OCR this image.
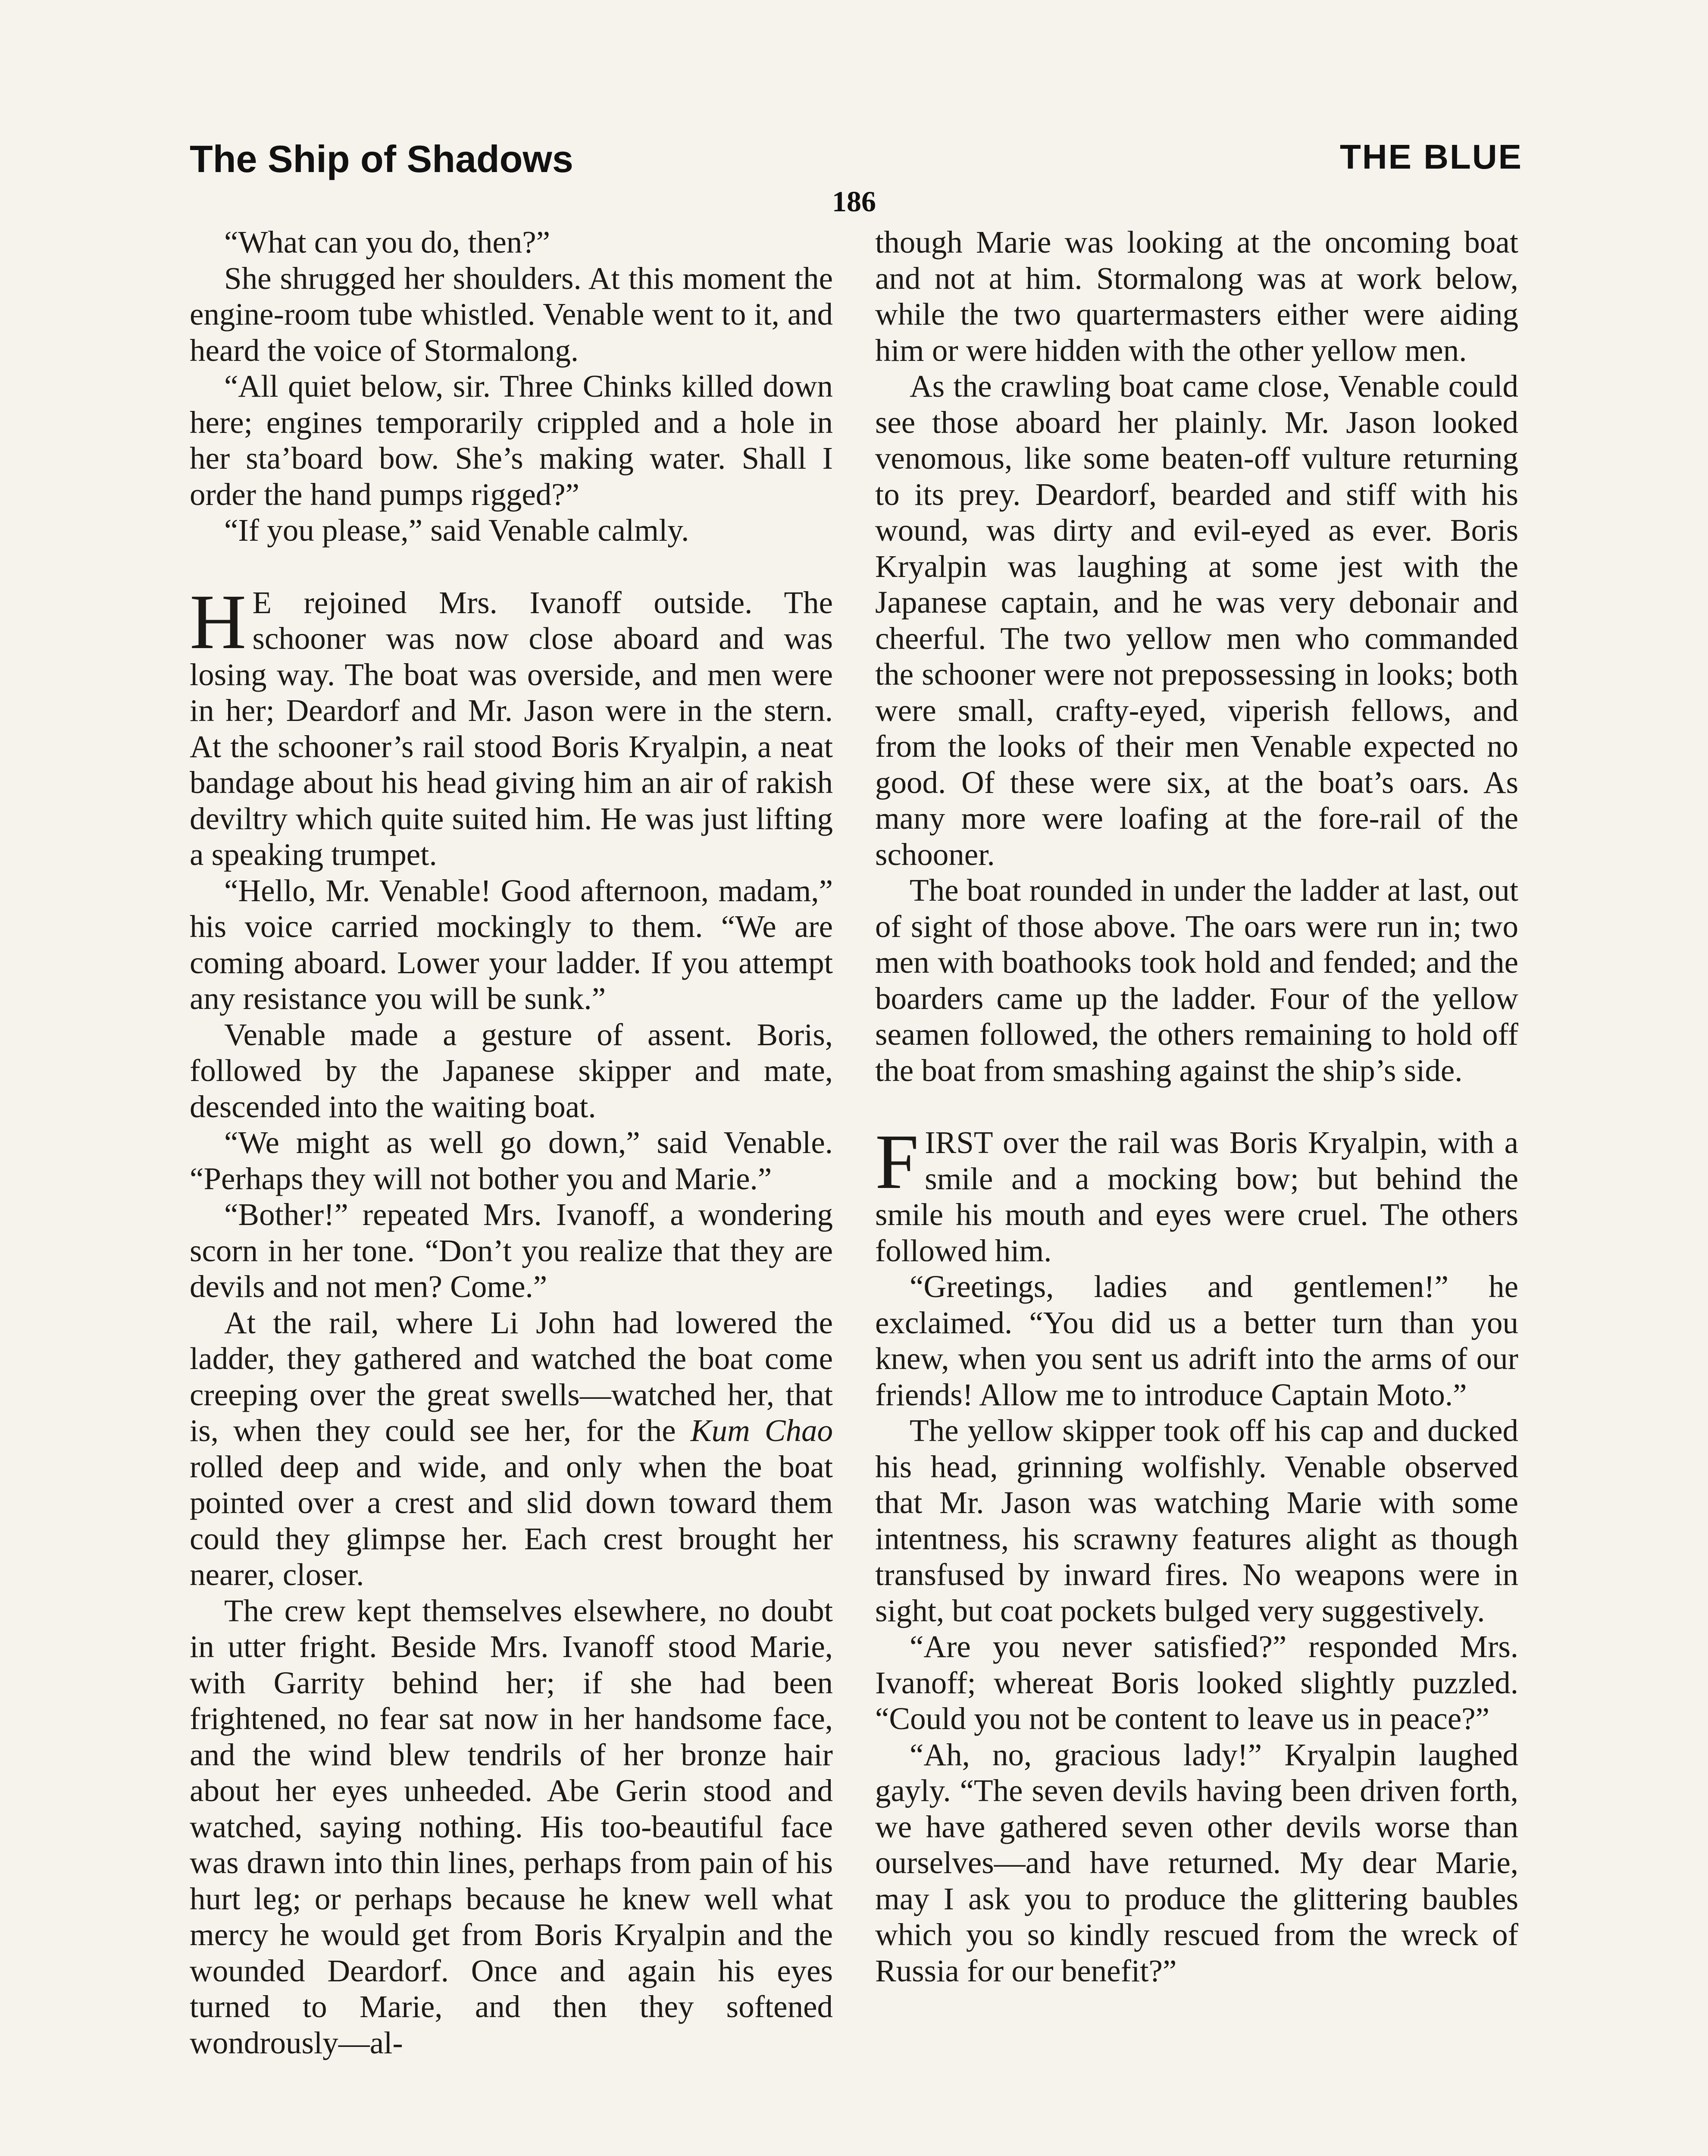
The Ship of Shadows	THE BLUE
186

“What can you do, then?”

She shrugged her shoulders. At this moment the engine-room tube whistled. Venable went to it, and heard the voice of Stormalong.

“All quiet below, sir. Three Chinks killed down here; engines temporarily crippled and a hole in her sta’board bow. She’s making water. Shall I order the hand pumps rigged?”

“If you please,” said Venable calmly.

H E rejoined Mrs. Ivanoff outside. The schooner was now close aboard and was losing way. The boat was overside, and men were in her; Deardorf and Mr. Jason were in the stern. At the schooner’s rail stood Boris Kryalpin, a neat bandage about his head giving him an air of rakish deviltry which quite suited him. He was just lifting a speaking trumpet.

“Hello, Mr. Venable! Good afternoon, madam,” his voice carried mockingly to them. “We are coming aboard. Lower your ladder. If you attempt any resistance you will be sunk.”

Venable made a gesture of assent. Boris, followed by the Japanese skipper and mate, descended into the waiting boat.

“We might as well go down,” said Venable. “Perhaps they will not bother you and Marie.”

“Bother!” repeated Mrs. Ivanoff, a wondering scorn in her tone. “Don’t you realize that they are devils and not men? Come.”

At the rail, where Li John had lowered the ladder, they gathered and watched the boat come creeping over the great swells—watched her, that is, when they could see her, for the Kum Chao rolled deep and wide, and only when the boat pointed over a crest and slid down toward them could they glimpse her. Each crest brought her nearer, closer.

The crew kept themselves elsewhere, no doubt in utter fright. Beside Mrs. Ivanoff stood Marie, with Garrity behind her; if she had been frightened, no fear sat now in her handsome face, and the wind blew tendrils of her bronze hair about her eyes unheeded. Abe Gerin stood and watched, saying nothing. His too-beautiful face was drawn into thin lines, perhaps from pain of his hurt leg; or perhaps because he knew well what mercy he would get from Boris Kryalpin and the wounded Deardorf. Once and again his eyes turned to Marie, and then they softened wondrously—al-

though Marie was looking at the oncoming boat and not at him. Stormalong was at work below, while the two quartermasters either were aiding him or were hidden with the other yellow men.

As the crawling boat came close, Venable could see those aboard her plainly. Mr. Jason looked venomous, like some beaten-off vulture returning to its prey. Deardorf, bearded and stiff with his wound, was dirty and evil-eyed as ever. Boris Kryalpin was laughing at some jest with the Japanese captain, and he was very debonair and cheerful. The two yellow men who commanded the schooner were not prepossessing in looks; both were small, crafty-eyed, viperish fellows, and from the looks of their men Venable expected no good. Of these were six, at the boat’s oars. As many more were loafing at the fore-rail of the schooner.

The boat rounded in under the ladder at last, out of sight of those above. The oars were run in; two men with boathooks took hold and fended; and the boarders came up the ladder. Four of the yellow seamen followed, the others remaining to hold off the boat from smashing against the ship’s side.

FIRST over the rail was Boris Kryalpin, with a smile and a mocking bow; but behind the smile his mouth and eyes were cruel. The others followed him.

“Greetings, ladies and gentlemen!” he exclaimed. “You did us a better turn than you knew, when you sent us adrift into the arms of our friends! Allow me to introduce Captain Moto.”

The yellow skipper took off his cap and ducked his head, grinning wolfishly. Venable observed that Mr. Jason was watching Marie with some intentness, his scrawny features alight as though transfused by inward fires. No weapons were in sight, but coat pockets bulged very suggestively.

“Are you never satisfied?” responded Mrs. Ivanoff; whereat Boris looked slightly puzzled. “Could you not be content to leave us in peace?”

“Ah, no, gracious lady!” Kryalpin laughed gayly. “The seven devils having been driven forth, we have gathered seven other devils worse than ourselves—and have returned. My dear Marie, may I ask you to produce the glittering baubles which you so kindly rescued from the wreck of Russia for our benefit?”
